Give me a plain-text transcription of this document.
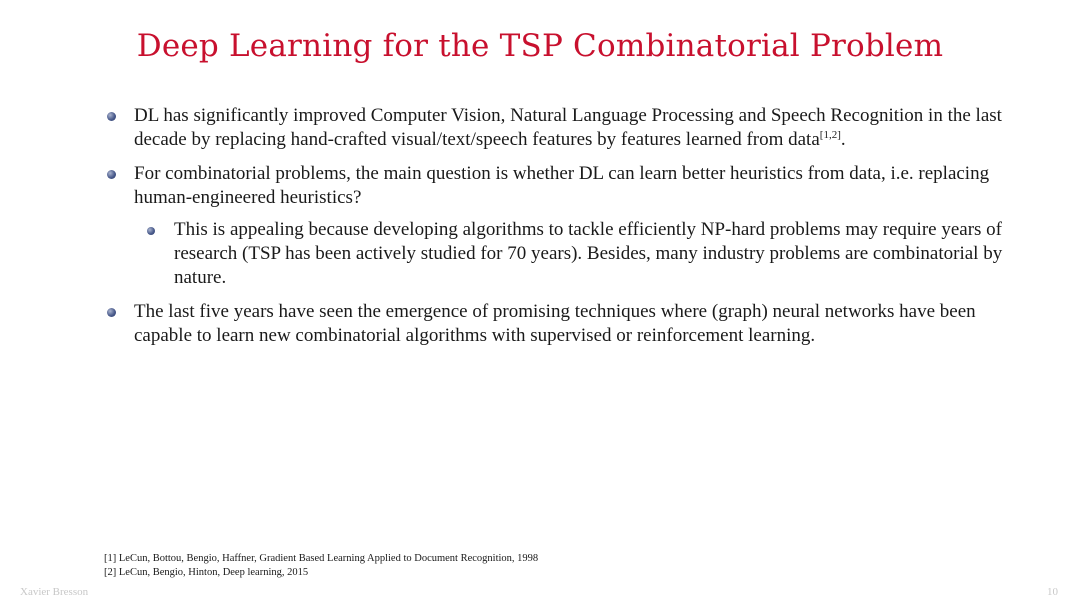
Deep Learning for the TSP Combinatorial Problem
DL has significantly improved Computer Vision, Natural Language Processing and Speech Recognition in the last decade by replacing hand-crafted visual/text/speech features by features learned from data[1,2].
For combinatorial problems, the main question is whether DL can learn better heuristics from data, i.e. replacing human-engineered heuristics?
This is appealing because developing algorithms to tackle efficiently NP-hard problems may require years of research (TSP has been actively studied for 70 years). Besides, many industry problems are combinatorial by nature.
The last five years have seen the emergence of promising techniques where (graph) neural networks have been capable to learn new combinatorial algorithms with supervised or reinforcement learning.
[1] LeCun, Bottou, Bengio, Haffner, Gradient Based Learning Applied to Document Recognition, 1998
[2] LeCun, Bengio, Hinton, Deep learning, 2015
Xavier Bresson	10
